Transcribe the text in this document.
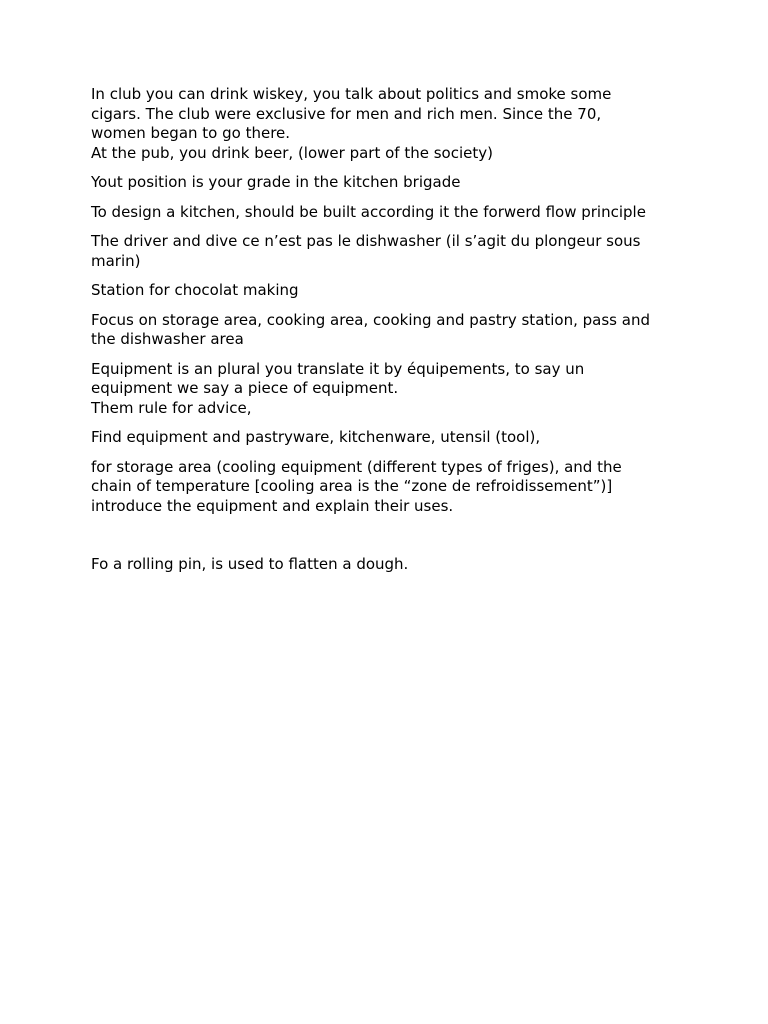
In club you can drink wiskey, you talk about politics and smoke some
cigars. The club were exclusive for men and rich men. Since the 70,
women began to go there.
At the pub, you drink beer, (lower part of the society)
Yout position is your grade in the kitchen brigade
To design a kitchen, should be built according it the forwerd flow principle
The driver and dive ce n’est pas le dishwasher (il s’agit du plongeur sous
marin)
Station for chocolat making
Focus on storage area, cooking area, cooking and pastry station, pass and
the dishwasher area
Equipment is an plural you translate it by équipements, to say un
equipment we say a piece of equipment.
Them rule for advice,
Find equipment and pastryware, kitchenware, utensil (tool),
for storage area (cooling equipment (different types of friges), and the
chain of temperature [cooling area is the “zone de refroidissement”)]
introduce the equipment and explain their uses.
Fo a rolling pin, is used to flatten a dough.
